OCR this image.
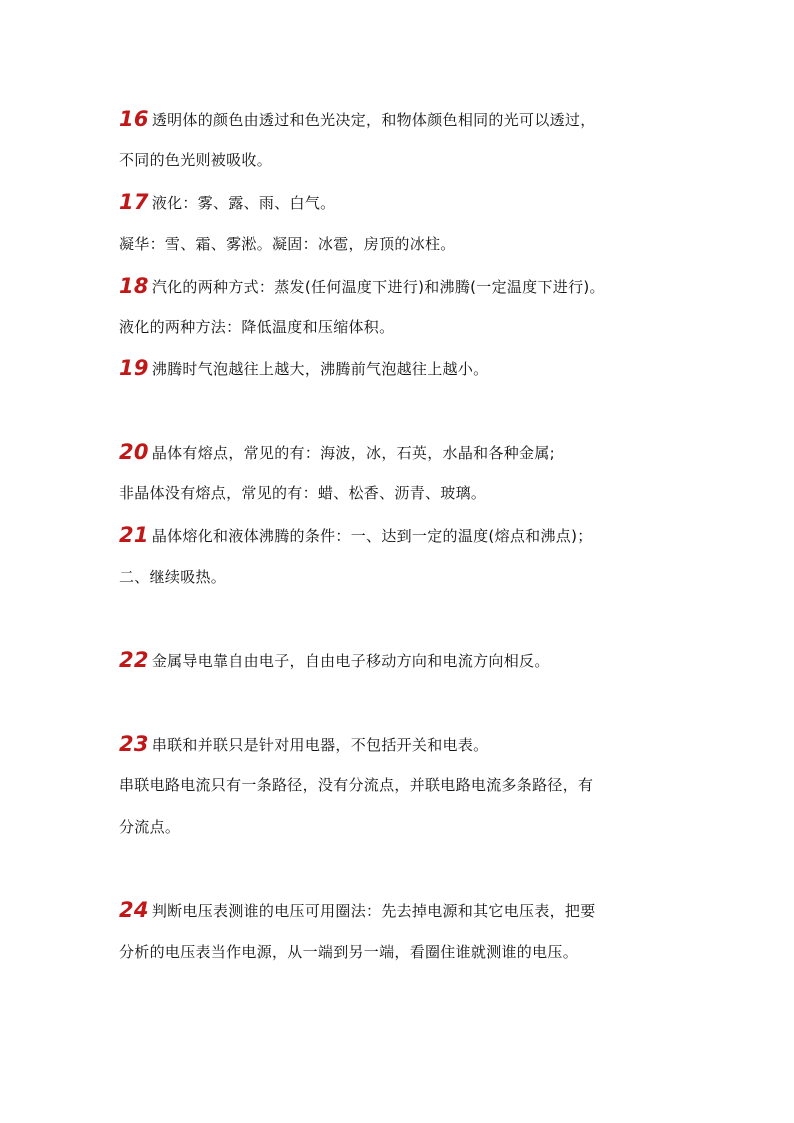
16 透明体的颜色由透过和色光决定，和物体颜色相同的光可以透过，
不同的色光则被吸收。
17 液化：雾、露、雨、白气。
凝华：雪、霜、雾淞。凝固：冰雹，房顶的冰柱。
18 汽化的两种方式：蒸发(任何温度下进行)和沸腾(一定温度下进行)。
液化的两种方法：降低温度和压缩体积。
19 沸腾时气泡越往上越大，沸腾前气泡越往上越小。
20 晶体有熔点，常见的有：海波，冰，石英，水晶和各种金属;
非晶体没有熔点，常见的有：蜡、松香、沥青、玻璃。
21 晶体熔化和液体沸腾的条件：一、达到一定的温度(熔点和沸点)；
二、继续吸热。
22 金属导电靠自由电子，自由电子移动方向和电流方向相反。
23 串联和并联只是针对用电器，不包括开关和电表。
串联电路电流只有一条路径，没有分流点，并联电路电流多条路径，有
分流点。
24 判断电压表测谁的电压可用圈法：先去掉电源和其它电压表，把要
分析的电压表当作电源，从一端到另一端，看圈住谁就测谁的电压。
